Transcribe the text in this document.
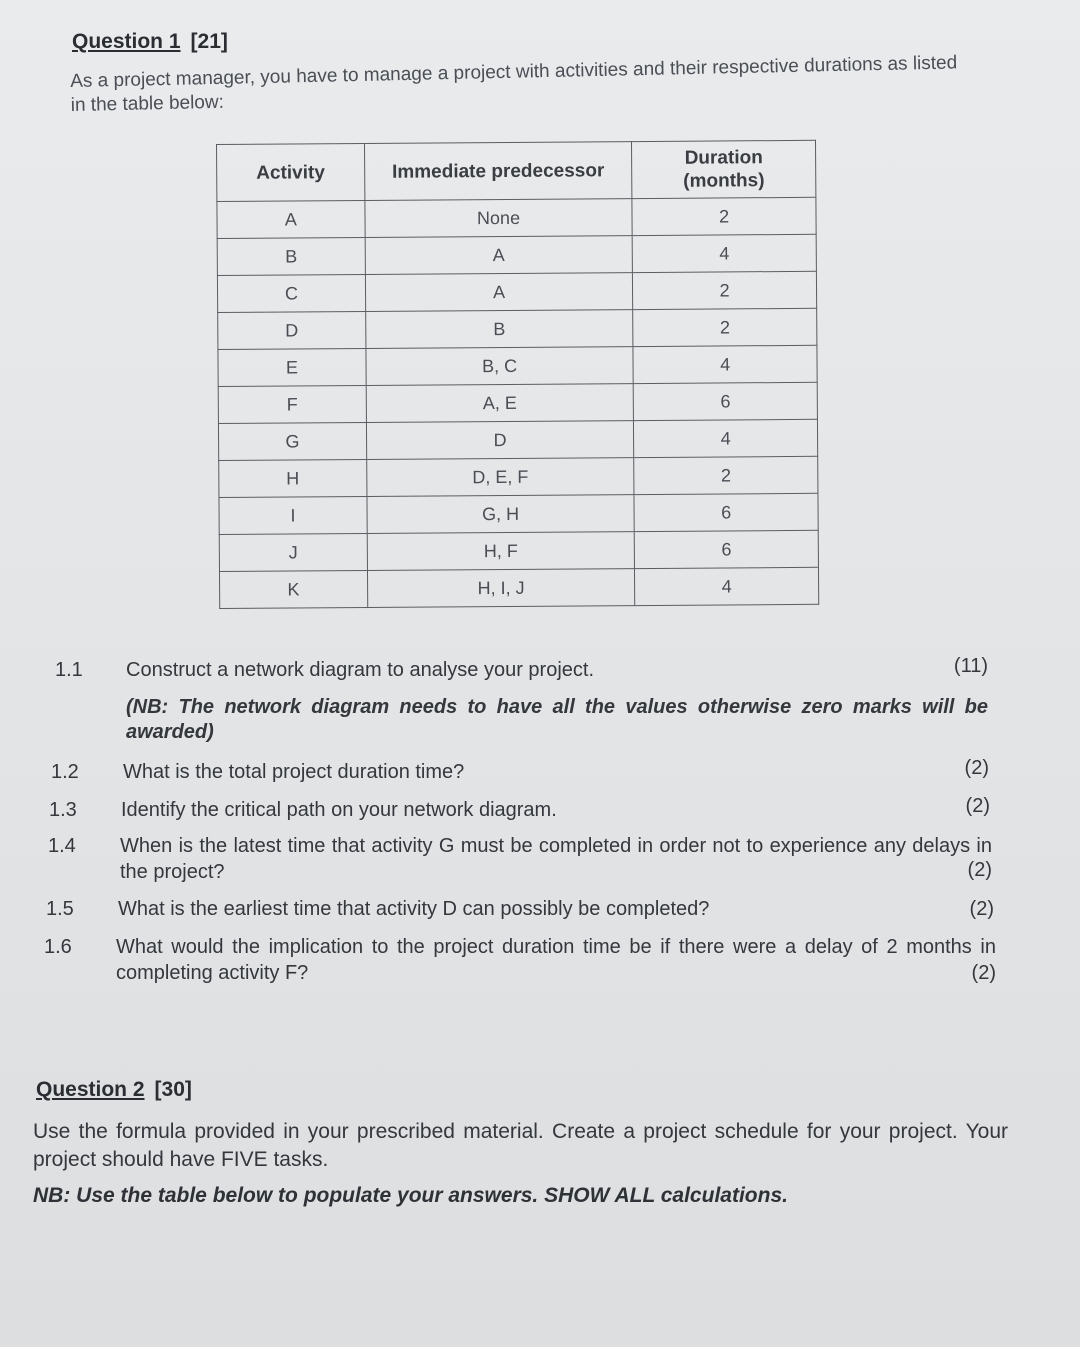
Question 1 [21]
As a project manager, you have to manage a project with activities and their respective durations as listed in the table below:
Activity	Immediate predecessor	Duration (months)

A	None	2
B	A	4
C	A	2
D	B	2
E	B, C	4
F	A, E	6
G	D	4
H	D, E, F	2
I	G, H	6
J	H, F	6
K	H, I, J	4
1.1 Construct a network diagram to analyse your project.	(11)
(NB: The network diagram needs to have all the values otherwise zero marks will be awarded)
1.2 What is the total project duration time?	(2)
1.3 Identify the critical path on your network diagram.	(2)
1.4 When is the latest time that activity G must be completed in order not to experience any delays in the project?	(2)
1.5 What is the earliest time that activity D can possibly be completed?	(2)
1.6 What would the implication to the project duration time be if there were a delay of 2 months in completing activity F?	(2)
Question 2 [30]
Use the formula provided in your prescribed material. Create a project schedule for your project. Your project should have FIVE tasks.
NB: Use the table below to populate your answers. SHOW ALL calculations.
